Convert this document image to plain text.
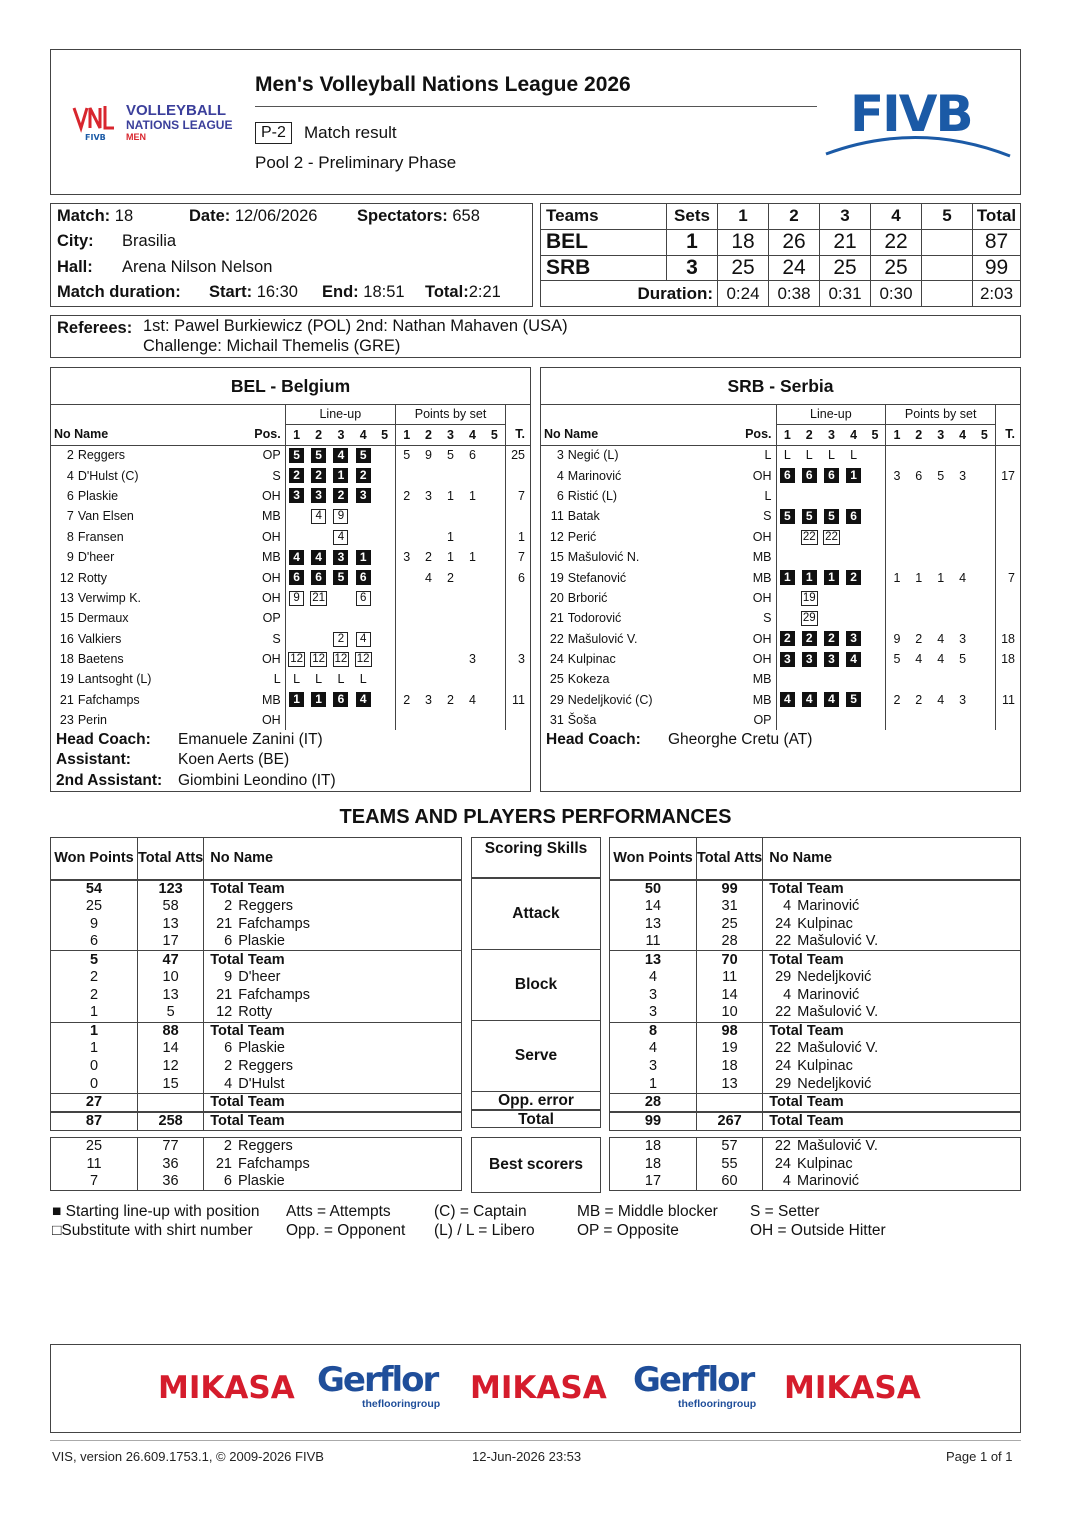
FIVB
VOLLEYBALL
NATIONS LEAGUE
MEN
Men's Volleyball Nations League 2026
P-2	Match result
Pool 2 - Preliminary Phase
FIVB
Match: 18	Date: 12/06/2026 Spectators: 658
City: Brasilia
Hall: Arena Nilson Nelson
Match duration: Start: 16:30 End: 18:51 Total:2:21
Teams	Sets	1	2	3	4	5	Total
BEL	1	18	26	21	22		87
SRB	3	25	24	25	25		99
Duration:		0:24	0:38	0:31	0:30		2:03
Referees: 1st: Pawel Burkiewicz (POL) 2nd: Nathan Mahaven (USA)
Challenge: Michail Themelis (GRE)
BEL - Belgium
			Line-up					Points by set					
No Name		Pos.	1	2	3	4	5	1	2	3	4	5	T.
2	Reggers	OP	5	5	4	5		5	9	5	6		25
4	D'Hulst (C)	S	2	2	1	2							
6	Plaskie	OH	3	3	2	3		2	3	1	1		7
7	Van Elsen	MB		4	9								
8	Fransen	OH			4					1			1
9	D'heer	MB	4	4	3	1		3	2	1	1		7
12	Rotty	OH	6	6	5	6			4	2			6
13	Verwimp K.	OH	9	21		6							
15	Dermaux	OP											
16	Valkiers	S			2	4							
18	Baetens	OH	12	12	12	12					3		3
19	Lantsoght (L)	L	L	L	L	L							
21	Fafchamps	MB	1	1	6	4		2	3	2	4		11
23	Perin	OH											
Head Coach: Emanuele Zanini (IT)
Assistant:	Koen Aerts (BE)
2nd Assistant: Giombini Leondino (IT)
SRB - Serbia
			Line-up					Points by set					
No Name		Pos.	1	2	3	4	5	1	2	3	4	5	T.
3	Negić (L)	L	L	L	L	L							
4	Marinović	OH	6	6	6	1		3	6	5	3		17
6	Ristić (L)	L											
11	Batak	S	5	5	5	6							
12	Perić	OH		22	22								
15	Mašulović N.	MB											
19	Stefanović	MB	1	1	1	2		1	1	1	4		7
20	Brborić	OH		19									
21	Todorović	S		29									
22	Mašulović V.	OH	2	2	2	3		9	2	4	3		18
24	Kulpinac	OH	3	3	3	4		5	4	4	5		18
25	Kokeza	MB											
29	Nedeljković (C)	MB	4	4	4	5		2	2	4	3		11
31	Šoša	OP											
Head Coach: Gheorghe Cretu (AT)
TEAMS AND PLAYERS PERFORMANCES
Won Points	Total Atts	No Name
54	123	Total Team
25	58	2 Reggers
9	13	21 Fafchamps
6	17	6 Plaskie
5	47	Total Team
2	10	9 D'heer
2	13	21 Fafchamps
1	5	12 Rotty
1	88	Total Team
1	14	6 Plaskie
0	12	2 Reggers
0	15	4 D'Hulst
27		Total Team
87	258	Total Team
Won Points	Total Atts	No Name
50	99	Total Team
14	31	4 Marinović
13	25	24 Kulpinac
11	28	22 Mašulović V.
13	70	Total Team
4	11	29 Nedeljković
3	14	4 Marinović
3	10	22 Mašulović V.
8	98	Total Team
4	19	22 Mašulović V.
3	18	24 Kulpinac
1	13	29 Nedeljković
28		Total Team
99	267	Total Team
Scoring Skills
Attack
Block
Serve
Opp. error
Total
25	77	2 Reggers
11	36	21 Fafchamps
7	36	6 Plaskie
Best scorers
18	57	22 Mašulović V.
18	55	24 Kulpinac
17	60	4 Marinović
■ Starting line-up with position
□Substitute with shirt number
Atts = Attempts
Opp. = Opponent
(C) = Captain
(L) / L = Libero
MB = Middle blocker
OP = Opposite
S = Setter
OH = Outside Hitter
MIKASA Gerflor
theflooringroup MIKASA Gerflor
theflooringroup MIKASA
VIS, version 26.609.1753.1, © 2009-2026 FIVB	12-Jun-2026 23:53	Page 1 of 1
